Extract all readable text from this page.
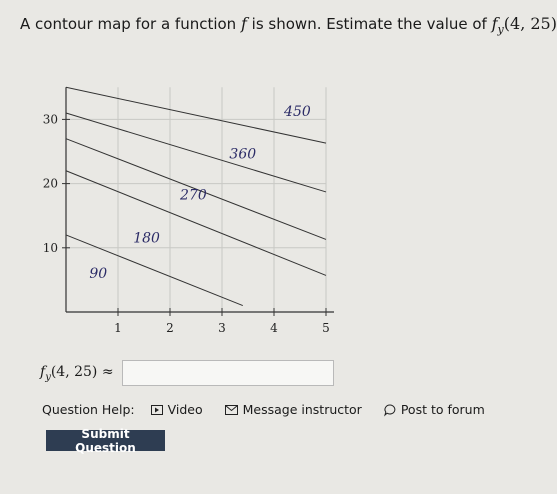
A contour map for a function f is shown. Estimate the value of $f_y(4$, 25)
1	2	3	4	5
10
20
30
90
180
270
360
450
$f_y(4$, 25) ≈
Question Help:	Video	Message instructor	Post to forum
Submit Question
